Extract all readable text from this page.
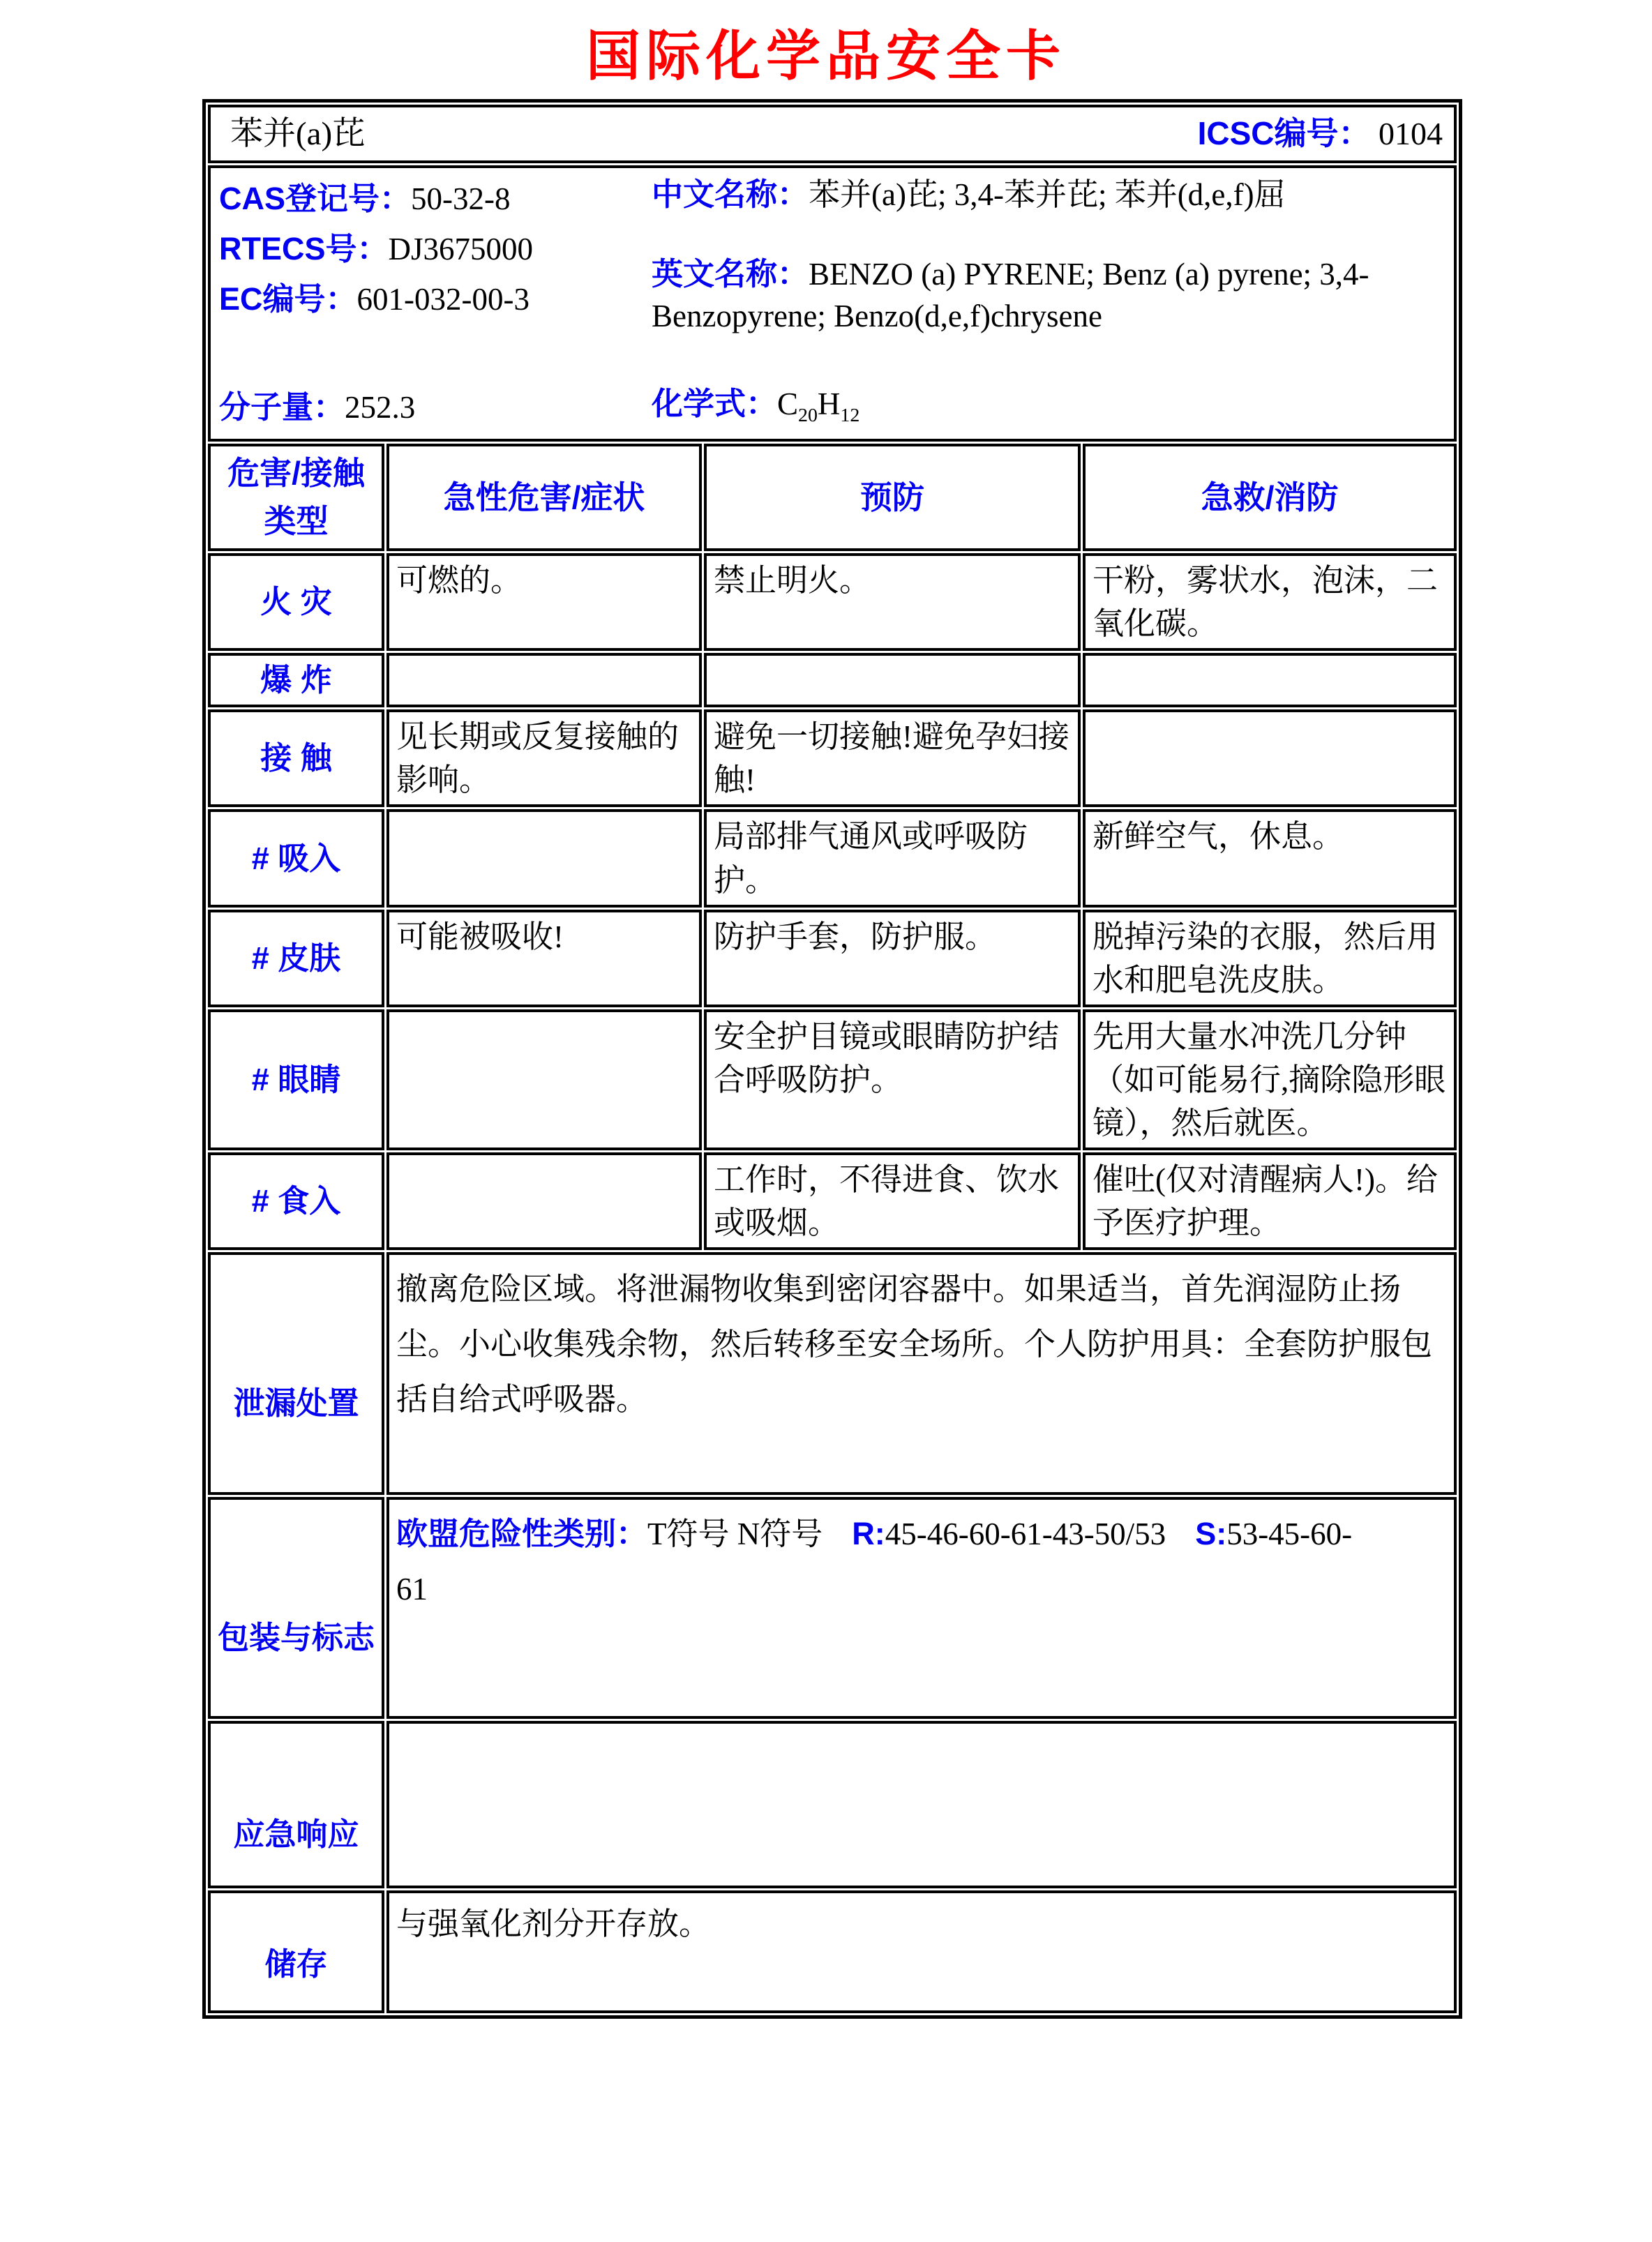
国际化学品安全卡
苯并(a)芘 ICSC编号： 0104			

CAS登记号：50-32-8
RTECS号：DJ3675000
EC编号：601-032-00-3
分子量：252.3
中文名称：苯并(a)芘; 3,4-苯并芘; 苯并(d,e,f)屈
英文名称：BENZO (a) PYRENE; Benz (a) pyrene; 3,4-Benzopyrene; Benzo(d,e,f)chrysene
化学式：$C_{20}H_{12}$

危害/接触类型	急性危害/症状	预防	急救/消防
火 灾	可燃的。	禁止明火。	干粉，雾状水，泡沫，二氧化碳。
爆 炸			
接 触	见长期或反复接触的影响。	避免一切接触!避免孕妇接触!	
# 吸入		局部排气通风或呼吸防护。	新鲜空气，休息。
# 皮肤	可能被吸收!	防护手套，防护服。	脱掉污染的衣服，然后用水和肥皂洗皮肤。
# 眼睛		安全护目镜或眼睛防护结合呼吸防护。	先用大量水冲洗几分钟（如可能易行,摘除隐形眼镜），然后就医。
# 食入		工作时，不得进食、饮水或吸烟。	催吐(仅对清醒病人!)。给予医疗护理。
泄漏处置	撤离危险区域。将泄漏物收集到密闭容器中。如果适当，首先润湿防止扬尘。小心收集残余物，然后转移至安全场所。个人防护用具：全套防护服包括自给式呼吸器。		
包装与标志	欧盟危险性类别：T符号 N符号 R:45-46-60-61-43-50/53 S:53-45-60-61		

应急响应			
储存	与强氧化剂分开存放。		
